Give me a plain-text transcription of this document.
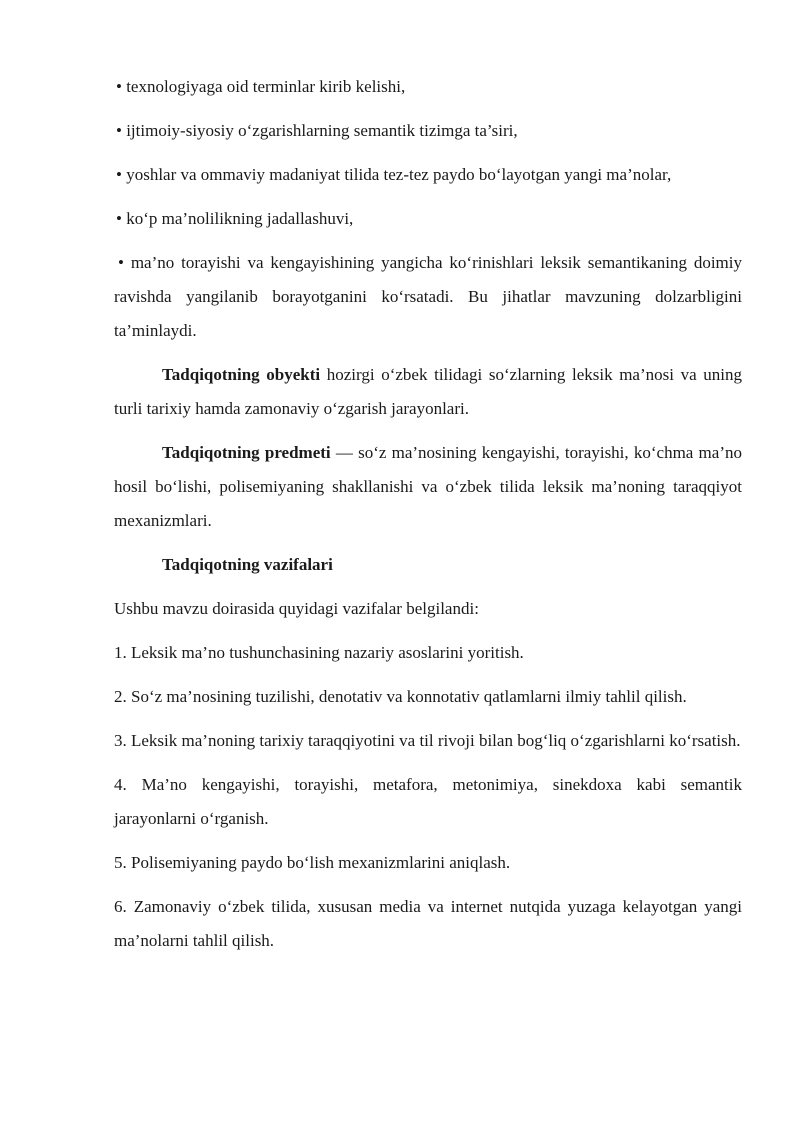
• texnologiyaga oid terminlar kirib kelishi,

• ijtimoiy-siyosiy o‘zgarishlarning semantik tizimga ta’siri,

• yoshlar va ommaviy madaniyat tilida tez-tez paydo bo‘layotgan yangi ma’nolar,

• ko‘p ma’nolilikning jadallashuvi,

• ma’no torayishi va kengayishining yangicha ko‘rinishlari leksik semantikaning doimiy ravishda yangilanib borayotganini ko‘rsatadi. Bu jihatlar mavzuning dolzarbligini ta’minlaydi.

Tadqiqotning obyekti hozirgi o‘zbek tilidagi so‘zlarning leksik ma’nosi va uning turli tarixiy hamda zamonaviy o‘zgarish jarayonlari.

Tadqiqotning predmeti — so‘z ma’nosining kengayishi, torayishi, ko‘chma ma’no hosil bo‘lishi, polisemiyaning shakllanishi va o‘zbek tilida leksik ma’noning taraqqiyot mexanizmlari.

Tadqiqotning vazifalari

Ushbu mavzu doirasida quyidagi vazifalar belgilandi:

1. Leksik ma’no tushunchasining nazariy asoslarini yoritish.

2. So‘z ma’nosining tuzilishi, denotativ va konnotativ qatlamlarni ilmiy tahlil qilish.

3. Leksik ma’noning tarixiy taraqqiyotini va til rivoji bilan bog‘liq o‘zgarishlarni ko‘rsatish.

4. Ma’no kengayishi, torayishi, metafora, metonimiya, sinekdoxa kabi semantik jarayonlarni o‘rganish.

5. Polisemiyaning paydo bo‘lish mexanizmlarini aniqlash.

6. Zamonaviy o‘zbek tilida, xususan media va internet nutqida yuzaga kelayotgan yangi ma’nolarni tahlil qilish.
